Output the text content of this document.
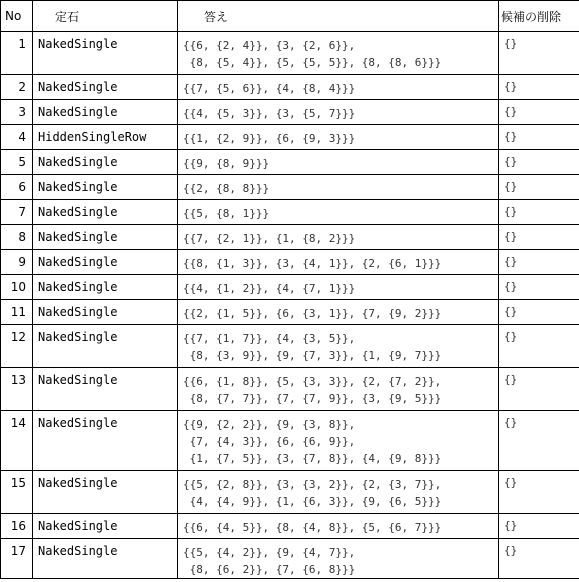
No	定石	答え	候補の削除
1	NakedSingle	{{6, {2, 4}}, {3, {2, 6}},
{8, {5, 4}}, {5, {5, 5}}, {8, {8, 6}}}	{}
2	NakedSingle	{{7, {5, 6}}, {4, {8, 4}}}	{}
3	NakedSingle	{{4, {5, 3}}, {3, {5, 7}}}	{}
4	HiddenSingleRow	{{1, {2, 9}}, {6, {9, 3}}}	{}
5	NakedSingle	{{9, {8, 9}}}	{}
6	NakedSingle	{{2, {8, 8}}}	{}
7	NakedSingle	{{5, {8, 1}}}	{}
8	NakedSingle	{{7, {2, 1}}, {1, {8, 2}}}	{}
9	NakedSingle	{{8, {1, 3}}, {3, {4, 1}}, {2, {6, 1}}}	{}
10	NakedSingle	{{4, {1, 2}}, {4, {7, 1}}}	{}
11	NakedSingle	{{2, {1, 5}}, {6, {3, 1}}, {7, {9, 2}}}	{}
12	NakedSingle	{{7, {1, 7}}, {4, {3, 5}},
{8, {3, 9}}, {9, {7, 3}}, {1, {9, 7}}}	{}
13	NakedSingle	{{6, {1, 8}}, {5, {3, 3}}, {2, {7, 2}},
{8, {7, 7}}, {7, {7, 9}}, {3, {9, 5}}}	{}
14	NakedSingle	{{9, {2, 2}}, {9, {3, 8}},
{7, {4, 3}}, {6, {6, 9}},
{1, {7, 5}}, {3, {7, 8}}, {4, {9, 8}}}	{}
15	NakedSingle	{{5, {2, 8}}, {3, {3, 2}}, {2, {3, 7}},
{4, {4, 9}}, {1, {6, 3}}, {9, {6, 5}}}	{}
16	NakedSingle	{{6, {4, 5}}, {8, {4, 8}}, {5, {6, 7}}}	{}
17	NakedSingle	{{5, {4, 2}}, {9, {4, 7}},
{8, {6, 2}}, {7, {6, 8}}}	{}
